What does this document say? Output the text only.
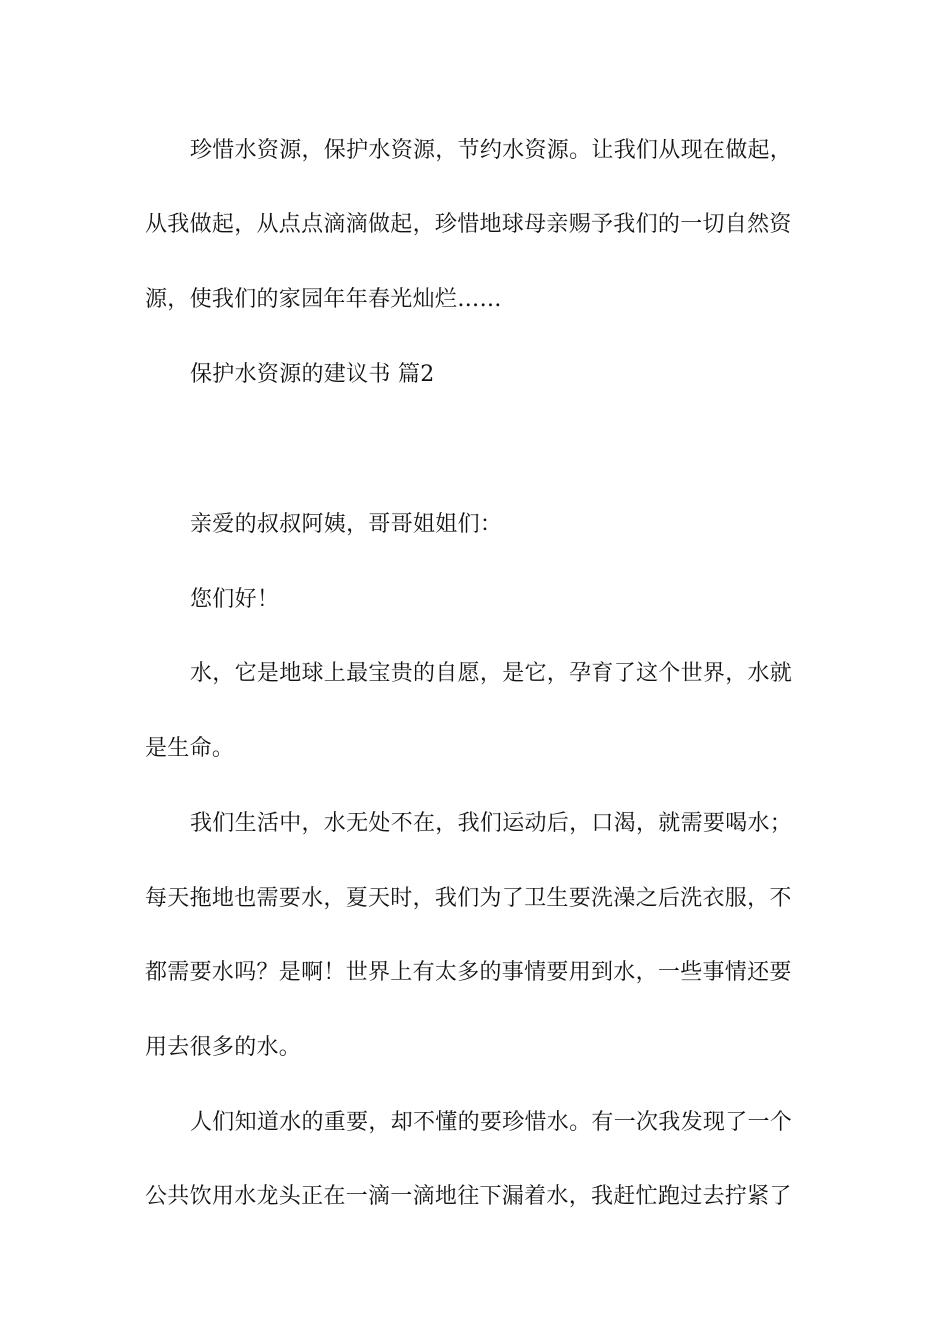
珍惜水资源，保护水资源，节约水资源。让我们从现在做起，
从我做起，从点点滴滴做起，珍惜地球母亲赐予我们的一切自然资
源，使我们的家园年年春光灿烂……
保护水资源的建议书 篇2
亲爱的叔叔阿姨，哥哥姐姐们：
您们好！
水，它是地球上最宝贵的自愿，是它，孕育了这个世界，水就
是生命。
我们生活中，水无处不在，我们运动后，口渴，就需要喝水；
每天拖地也需要水，夏天时，我们为了卫生要洗澡之后洗衣服，不
都需要水吗？是啊！世界上有太多的事情要用到水，一些事情还要
用去很多的水。
人们知道水的重要，却不懂的要珍惜水。有一次我发现了一个
公共饮用水龙头正在一滴一滴地往下漏着水，我赶忙跑过去拧紧了
